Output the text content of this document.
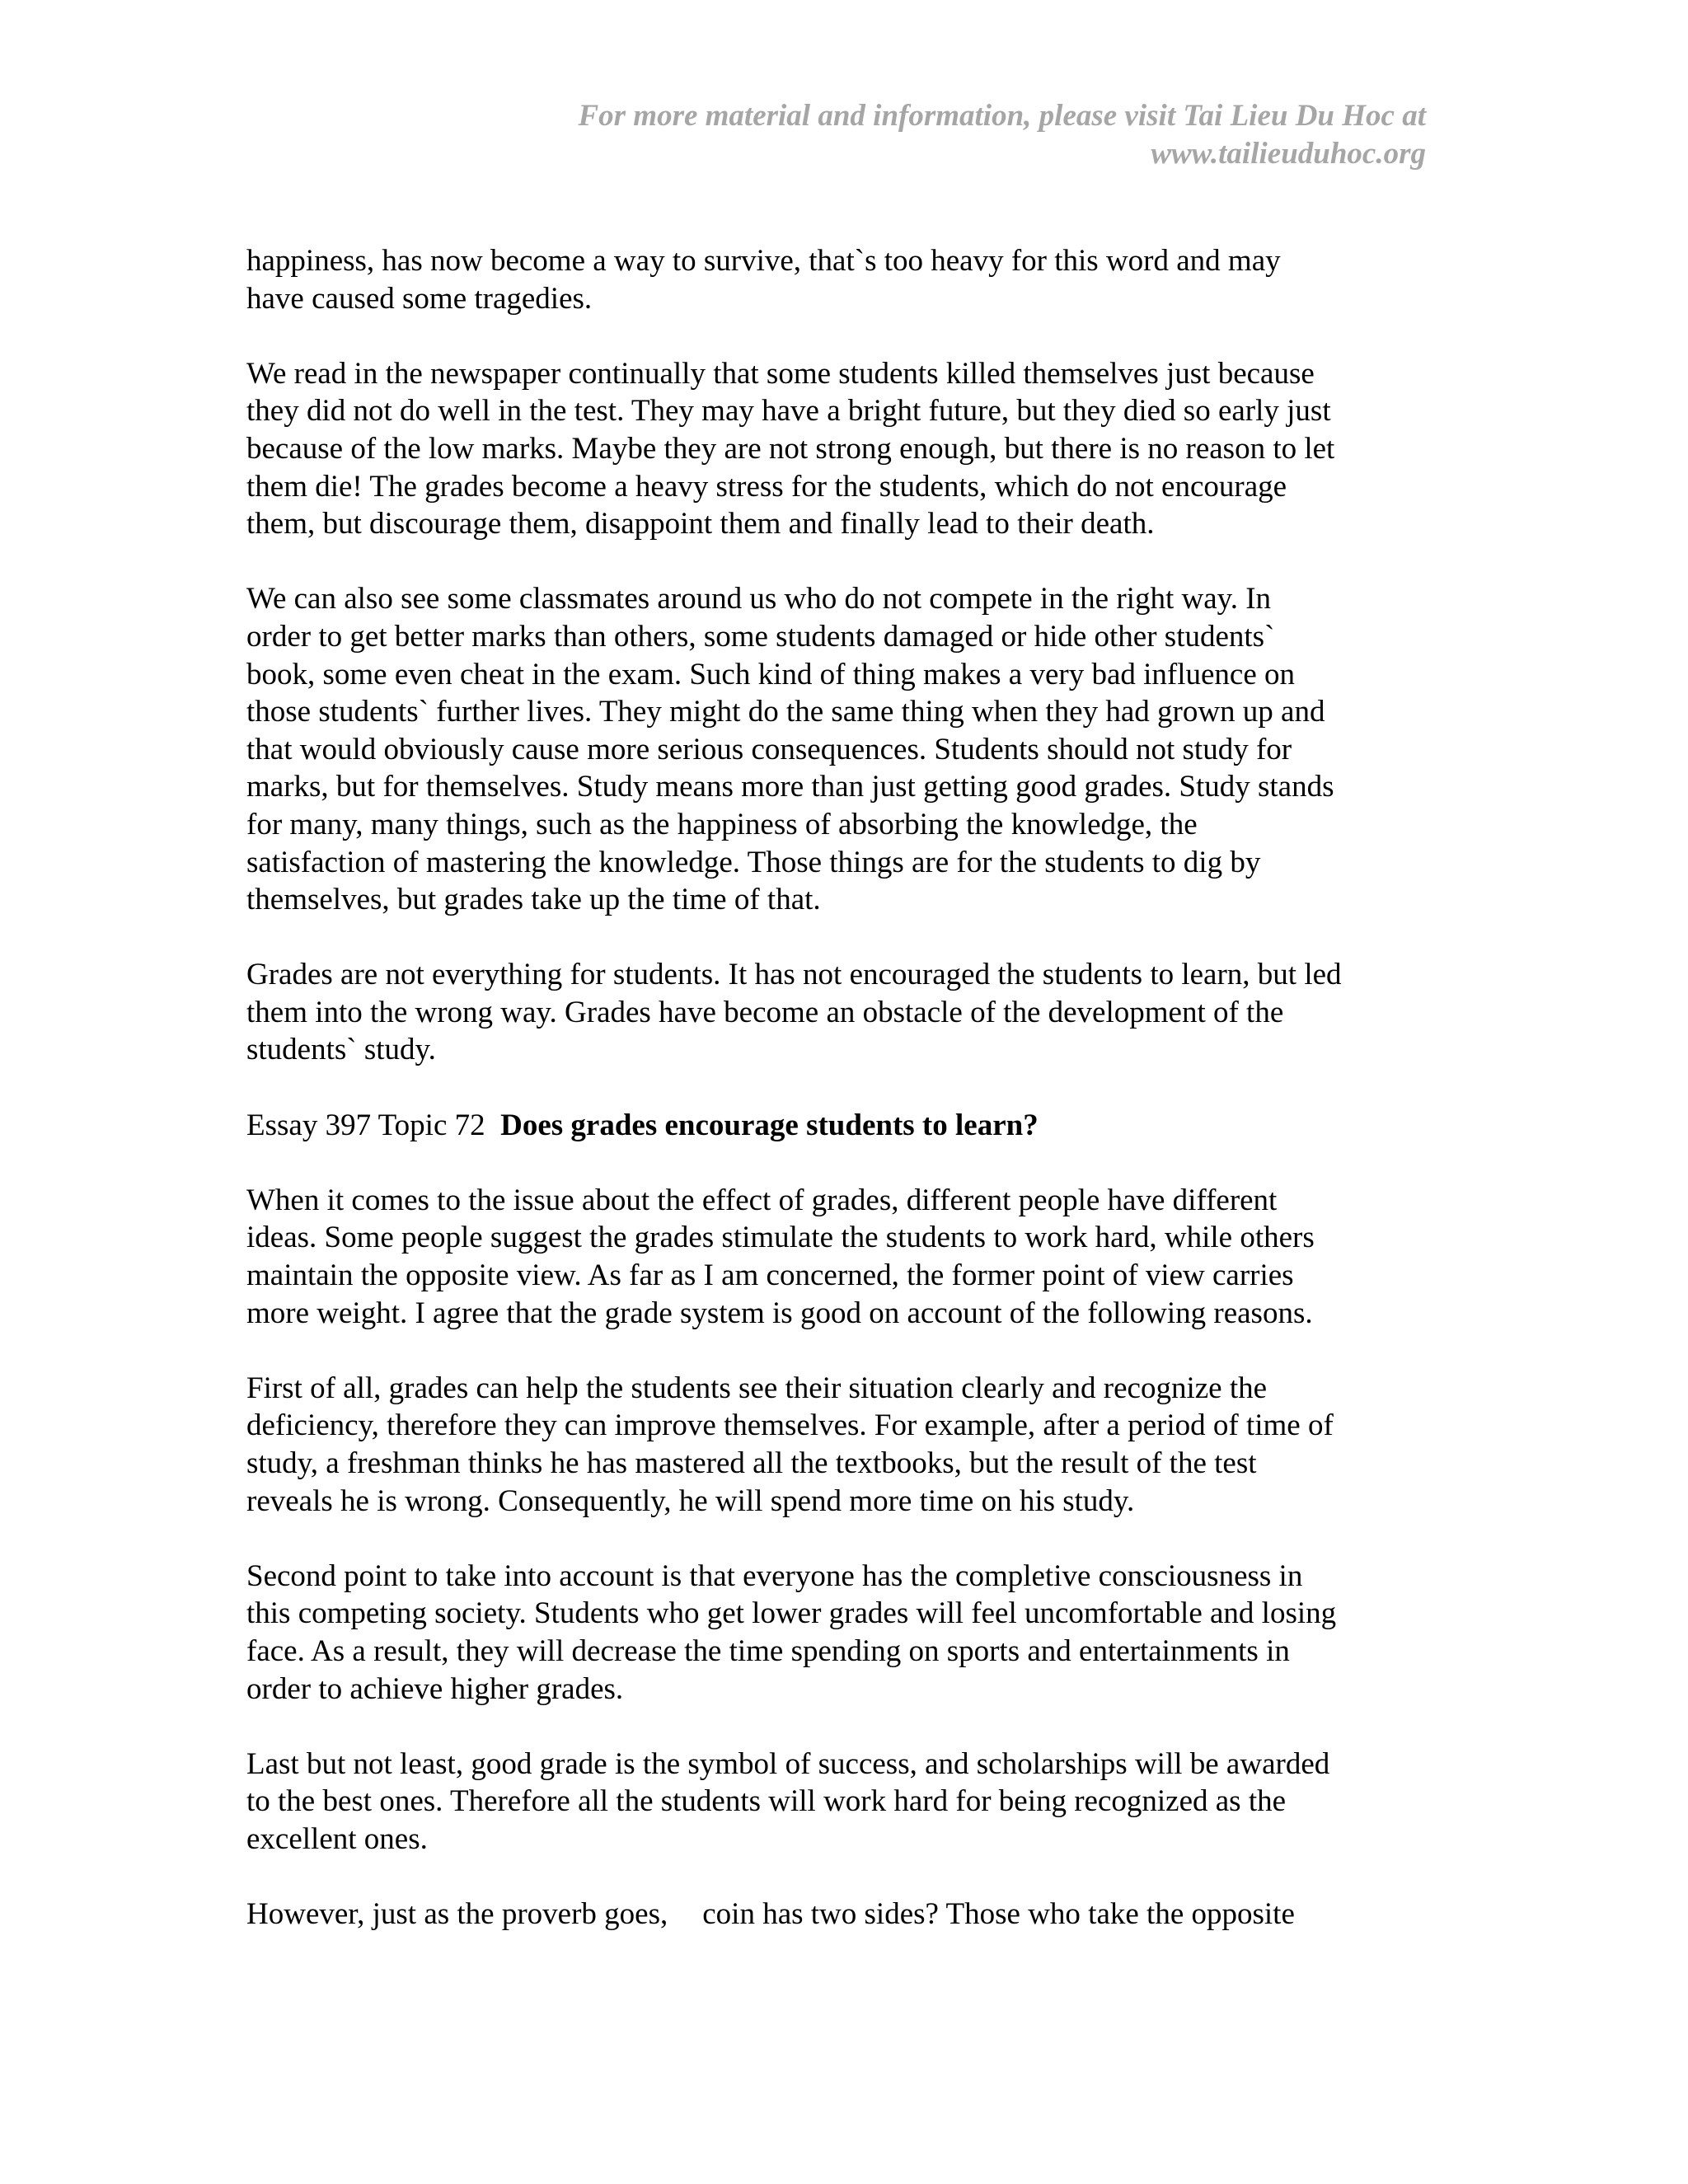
For more material and information, please visit Tai Lieu Du Hoc at
www.tailieuduhoc.org
happiness, has now become a way to survive, that`s too heavy for this word and may
have caused some tragedies.
We read in the newspaper continually that some students killed themselves just because
they did not do well in the test. They may have a bright future, but they died so early just
because of the low marks. Maybe they are not strong enough, but there is no reason to let
them die! The grades become a heavy stress for the students, which do not encourage
them, but discourage them, disappoint them and finally lead to their death.
We can also see some classmates around us who do not compete in the right way. In
order to get better marks than others, some students damaged or hide other students`
book, some even cheat in the exam. Such kind of thing makes a very bad influence on
those students` further lives. They might do the same thing when they had grown up and
that would obviously cause more serious consequences. Students should not study for
marks, but for themselves. Study means more than just getting good grades. Study stands
for many, many things, such as the happiness of absorbing the knowledge, the
satisfaction of mastering the knowledge. Those things are for the students to dig by
themselves, but grades take up the time of that.
Grades are not everything for students. It has not encouraged the students to learn, but led
them into the wrong way. Grades have become an obstacle of the development of the
students` study.
Essay 397 Topic 72 Does grades encourage students to learn?
When it comes to the issue about the effect of grades, different people have different
ideas. Some people suggest the grades stimulate the students to work hard, while others
maintain the opposite view. As far as I am concerned, the former point of view carries
more weight. I agree that the grade system is good on account of the following reasons.
First of all, grades can help the students see their situation clearly and recognize the
deficiency, therefore they can improve themselves. For example, after a period of time of
study, a freshman thinks he has mastered all the textbooks, but the result of the test
reveals he is wrong. Consequently, he will spend more time on his study.
Second point to take into account is that everyone has the completive consciousness in
this competing society. Students who get lower grades will feel uncomfortable and losing
face. As a result, they will decrease the time spending on sports and entertainments in
order to achieve higher grades.
Last but not least, good grade is the symbol of success, and scholarships will be awarded
to the best ones. Therefore all the students will work hard for being recognized as the
excellent ones.
However, just as the proverb goes, coin has two sides? Those who take the opposite
